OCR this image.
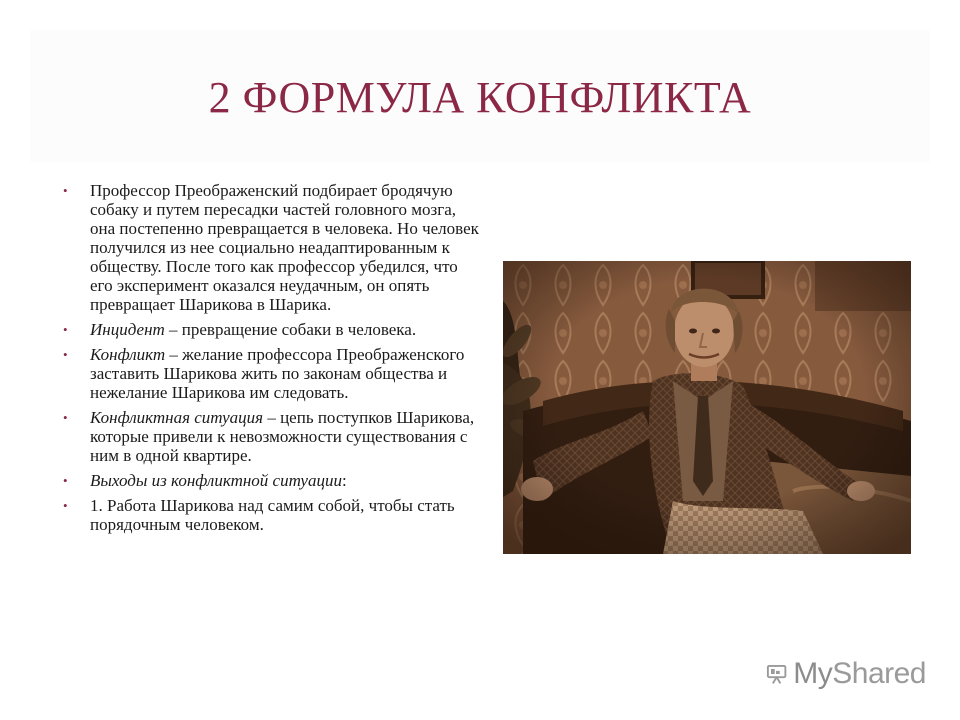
2 ФОРМУЛА КОНФЛИКТА
• Профессор Преображенский подбирает бродячую собаку и путем пересадки частей головного мозга, она постепенно превращается в человека. Но человек получился из нее социально неадаптированным к обществу. После того как профессор убедился, что его эксперимент оказался неудачным, он опять превращает Шарикова в Шарика.
• Инцидент – превращение собаки в человека.
• Конфликт – желание профессора Преображенского заставить Шарикова жить по законам общества и нежелание Шарикова им следовать.
• Конфликтная ситуация – цепь поступков Шарикова, которые привели к невозможности существования с ним в одной квартире.
• Выходы из конфликтной ситуации:
• 1. Работа Шарикова над самим собой, чтобы стать порядочным человеком.
MyShared
